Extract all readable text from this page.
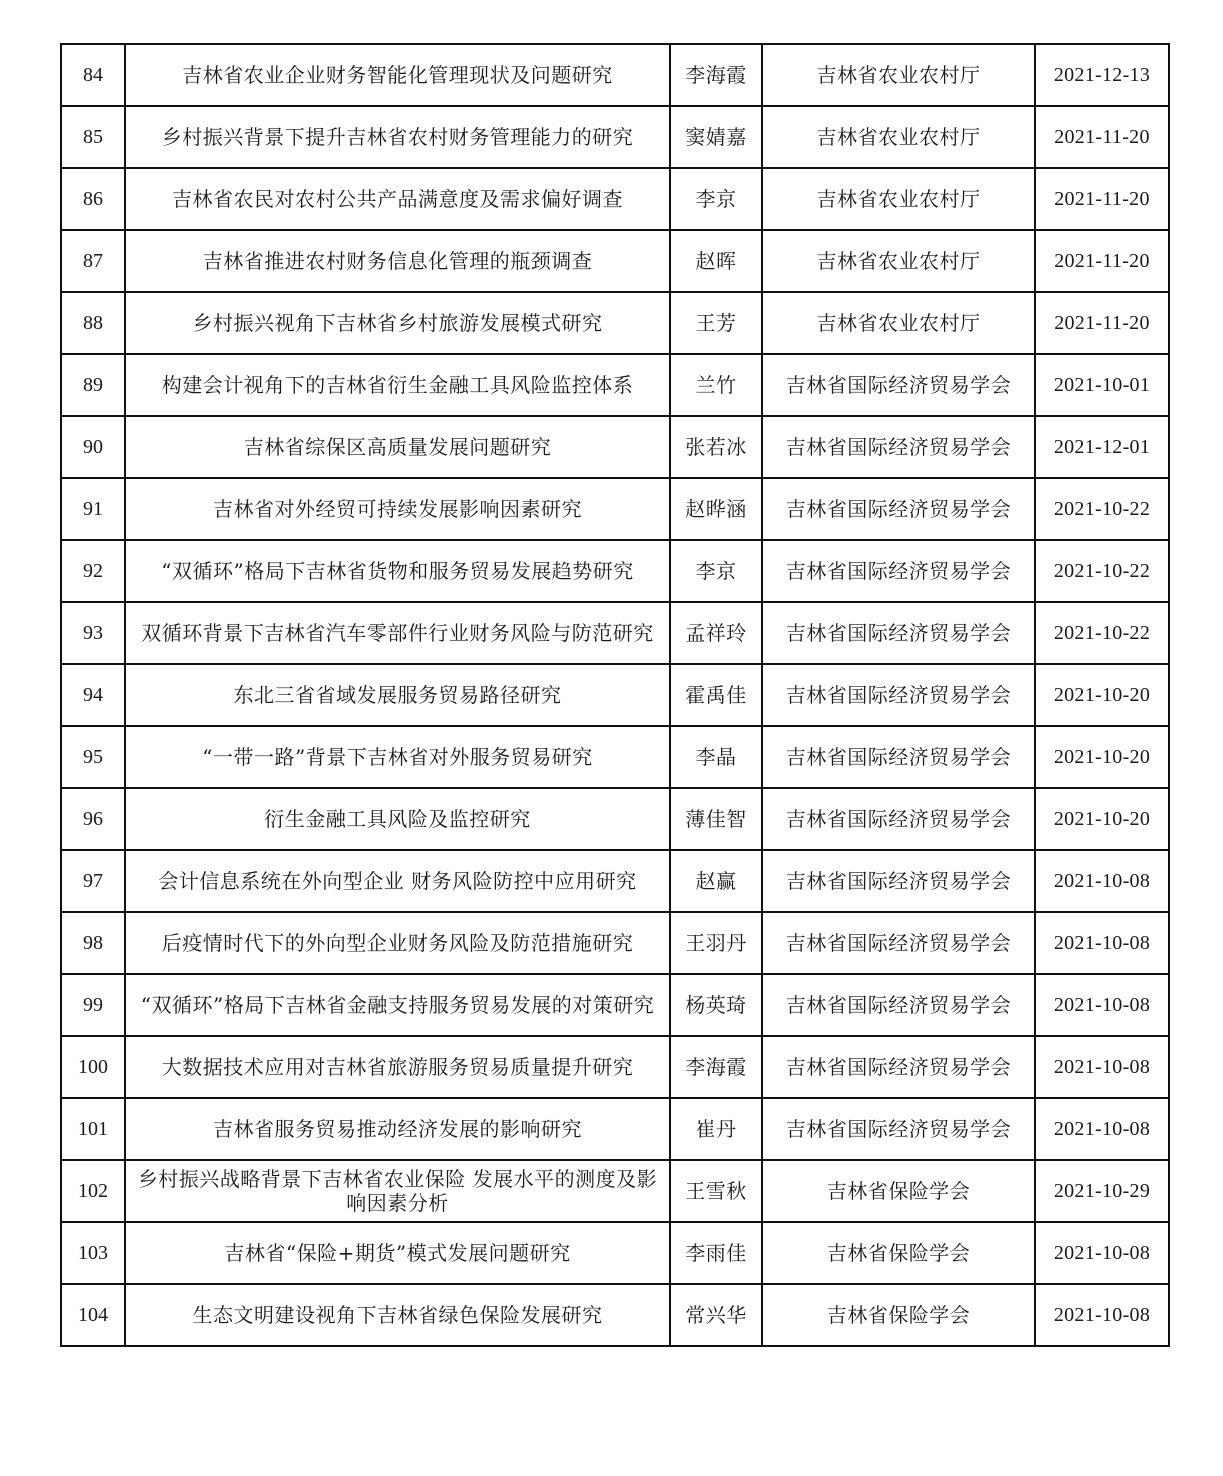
84	吉林省农业企业财务智能化管理现状及问题研究	李海霞	吉林省农业农村厅	2021-12-13
85	乡村振兴背景下提升吉林省农村财务管理能力的研究	窦婧嘉	吉林省农业农村厅	2021-11-20
86	吉林省农民对农村公共产品满意度及需求偏好调查	李京	吉林省农业农村厅	2021-11-20
87	吉林省推进农村财务信息化管理的瓶颈调查	赵晖	吉林省农业农村厅	2021-11-20
88	乡村振兴视角下吉林省乡村旅游发展模式研究	王芳	吉林省农业农村厅	2021-11-20
89	构建会计视角下的吉林省衍生金融工具风险监控体系	兰竹	吉林省国际经济贸易学会	2021-10-01
90	吉林省综保区高质量发展问题研究	张若冰	吉林省国际经济贸易学会	2021-12-01
91	吉林省对外经贸可持续发展影响因素研究	赵晔涵	吉林省国际经济贸易学会	2021-10-22
92	“双循环”格局下吉林省货物和服务贸易发展趋势研究	李京	吉林省国际经济贸易学会	2021-10-22
93	双循环背景下吉林省汽车零部件行业财务风险与防范研究	孟祥玲	吉林省国际经济贸易学会	2021-10-22
94	东北三省省域发展服务贸易路径研究	霍禹佳	吉林省国际经济贸易学会	2021-10-20
95	“一带一路”背景下吉林省对外服务贸易研究	李晶	吉林省国际经济贸易学会	2021-10-20
96	衍生金融工具风险及监控研究	薄佳智	吉林省国际经济贸易学会	2021-10-20
97	会计信息系统在外向型企业 财务风险防控中应用研究	赵赢	吉林省国际经济贸易学会	2021-10-08
98	后疫情时代下的外向型企业财务风险及防范措施研究	王羽丹	吉林省国际经济贸易学会	2021-10-08
99	“双循环”格局下吉林省金融支持服务贸易发展的对策研究	杨英琦	吉林省国际经济贸易学会	2021-10-08
100	大数据技术应用对吉林省旅游服务贸易质量提升研究	李海霞	吉林省国际经济贸易学会	2021-10-08
101	吉林省服务贸易推动经济发展的影响研究	崔丹	吉林省国际经济贸易学会	2021-10-08
102	乡村振兴战略背景下吉林省农业保险 发展水平的测度及影响因素分析	王雪秋	吉林省保险学会	2021-10-29
103	吉林省“保险+期货”模式发展问题研究	李雨佳	吉林省保险学会	2021-10-08
104	生态文明建设视角下吉林省绿色保险发展研究	常兴华	吉林省保险学会	2021-10-08
